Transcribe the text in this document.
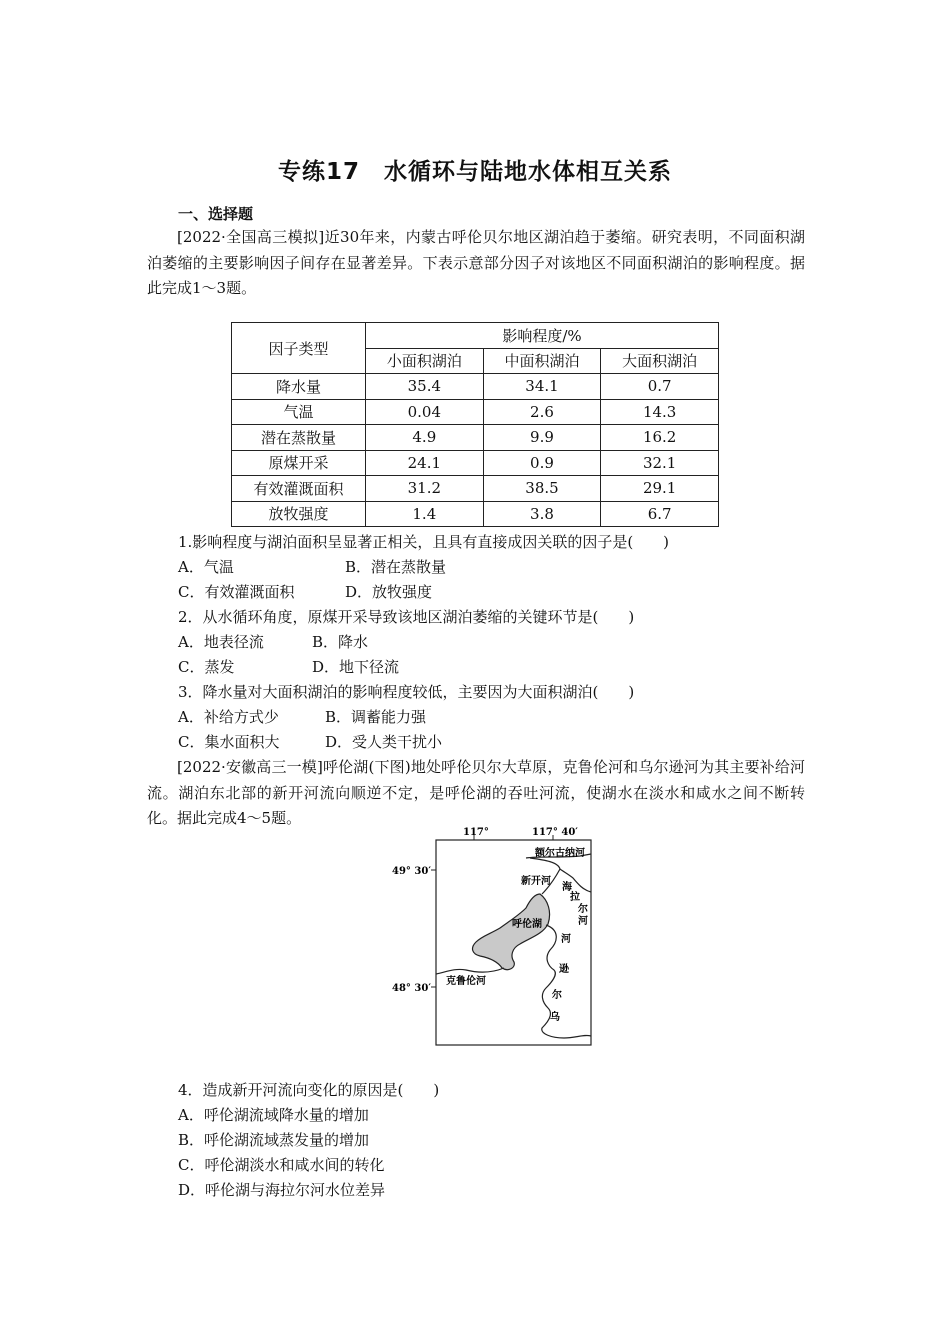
专练17　水循环与陆地水体相互关系
一、选择题
[2022·全国高三模拟]近30年来，内蒙古呼伦贝尔地区湖泊趋于萎缩。研究表明，不同面积湖泊萎缩的主要影响因子间存在显著差异。下表示意部分因子对该地区不同面积湖泊的影响程度。据此完成1～3题。
因子类型	影响程度/%		
	小面积湖泊	中面积湖泊	大面积湖泊
降水量	35.4	34.1	0.7
气温	0.04	2.6	14.3
潜在蒸散量	4.9	9.9	16.2
原煤开采	24.1	0.9	32.1
有效灌溉面积	31.2	38.5	29.1
放牧强度	1.4	3.8	6.7
1.影响程度与湖泊面积呈显著正相关，且具有直接成因关联的因子是(　　)
A．气温	B．潜在蒸散量
C．有效灌溉面积	D．放牧强度
2．从水循环角度，原煤开采导致该地区湖泊萎缩的关键环节是(　　)
A．地表径流	B．降水
C．蒸发	D．地下径流
3．降水量对大面积湖泊的影响程度较低，主要因为大面积湖泊(　　)
A．补给方式少	B．调蓄能力强
C．集水面积大	D．受人类干扰小
[2022·安徽高三一模]呼伦湖(下图)地处呼伦贝尔大草原，克鲁伦河和乌尔逊河为其主要补给河流。湖泊东北部的新开河流向顺逆不定，是呼伦湖的吞吐河流，使湖水在淡水和咸水之间不断转化。据此完成4～5题。
117°	117° 40′
49° 30′
48° 30′
额尔古纳河
新开河
海
拉
尔
河
呼伦湖
克鲁伦河
河
逊
尔
乌
4．造成新开河流向变化的原因是(　　)
A．呼伦湖流域降水量的增加
B．呼伦湖流域蒸发量的增加
C．呼伦湖淡水和咸水间的转化
D．呼伦湖与海拉尔河水位差异
